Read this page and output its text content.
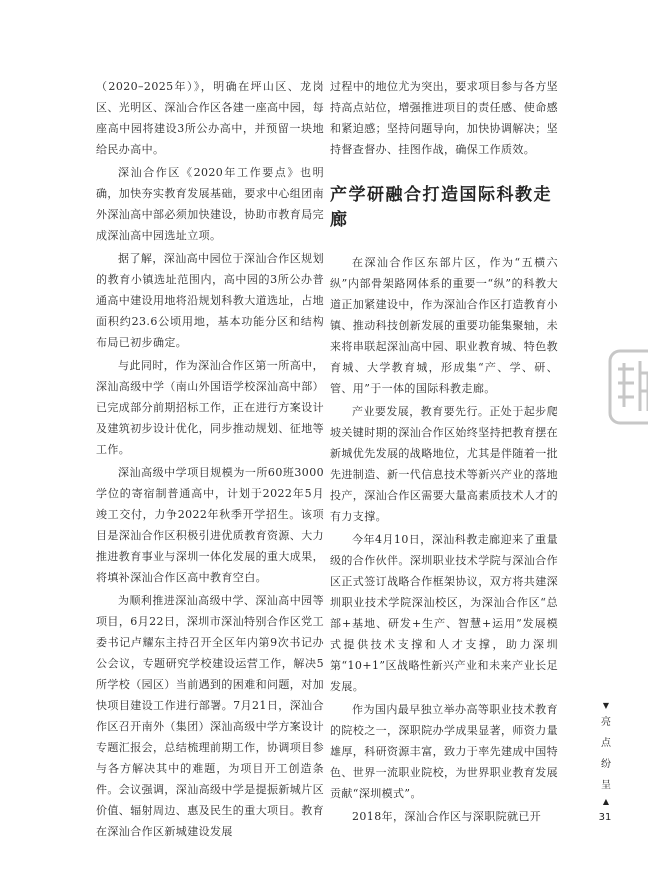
（2020–2025年）》，明确在坪山区、龙岗区、光明区、深汕合作区各建一座高中园，每座高中园将建设3所公办高中，并预留一块地给民办高中。

深汕合作区《2020年工作要点》也明确，加快夯实教育发展基础，要求中心组团南外深汕高中部必须加快建设，协助市教育局完成深汕高中园选址立项。

据了解，深汕高中园位于深汕合作区规划的教育小镇选址范围内，高中园的3所公办普通高中建设用地将沿规划科教大道选址，占地面积约23.6公顷用地，基本功能分区和结构布局已初步确定。

与此同时，作为深汕合作区第一所高中，深汕高级中学（南山外国语学校深汕高中部）已完成部分前期招标工作，正在进行方案设计及建筑初步设计优化，同步推动规划、征地等工作。

深汕高级中学项目规模为一所60班3000学位的寄宿制普通高中，计划于2022年5月竣工交付，力争2022年秋季开学招生。该项目是深汕合作区积极引进优质教育资源、大力推进教育事业与深圳一体化发展的重大成果，将填补深汕合作区高中教育空白。

为顺利推进深汕高级中学、深汕高中园等项目，6月22日，深圳市深汕特别合作区党工委书记卢耀东主持召开全区年内第9次书记办公会议，专题研究学校建设运营工作，解决5所学校（园区）当前遇到的困难和问题，对加快项目建设工作进行部署。7月21日，深汕合作区召开南外（集团）深汕高级中学方案设计专题汇报会，总结梳理前期工作，协调项目参与各方解决其中的难题，为项目开工创造条件。会议强调，深汕高级中学是提振新城片区价值、辐射周边、惠及民生的重大项目。教育在深汕合作区新城建设发展

过程中的地位尤为突出，要求项目参与各方坚持高点站位，增强推进项目的责任感、使命感和紧迫感；坚持问题导向，加快协调解决；坚持督查督办、挂图作战，确保工作质效。

产学研融合打造国际科教走廊

在深汕合作区东部片区，作为“五横六纵”内部骨架路网体系的重要一“纵”的科教大道正加紧建设中，作为深汕合作区打造教育小镇、推动科技创新发展的重要功能集聚轴，未来将串联起深汕高中园、职业教育城、特色教育城、大学教育城，形成集“产、学、研、管、用”于一体的国际科教走廊。

产业要发展，教育要先行。正处于起步爬坡关键时期的深汕合作区始终坚持把教育摆在新城优先发展的战略地位，尤其是伴随着一批先进制造、新一代信息技术等新兴产业的落地投产，深汕合作区需要大量高素质技术人才的有力支撑。

今年4月10日，深汕科教走廊迎来了重量级的合作伙伴。深圳职业技术学院与深汕合作区正式签订战略合作框架协议，双方将共建深圳职业技术学院深汕校区，为深汕合作区“总部+基地、研发+生产、智慧+运用”发展模式提供技术支撑和人才支撑，助力深圳第“10+1”区战略性新兴产业和未来产业长足发展。

作为国内最早独立举办高等职业技术教育的院校之一，深职院办学成果显著，师资力量雄厚，科研资源丰富，致力于率先建成中国特色、世界一流职业院校，为世界职业教育发展贡献“深圳模式”。

2018年，深汕合作区与深职院就已开

▼
亮
点
纷
呈
▲
31
